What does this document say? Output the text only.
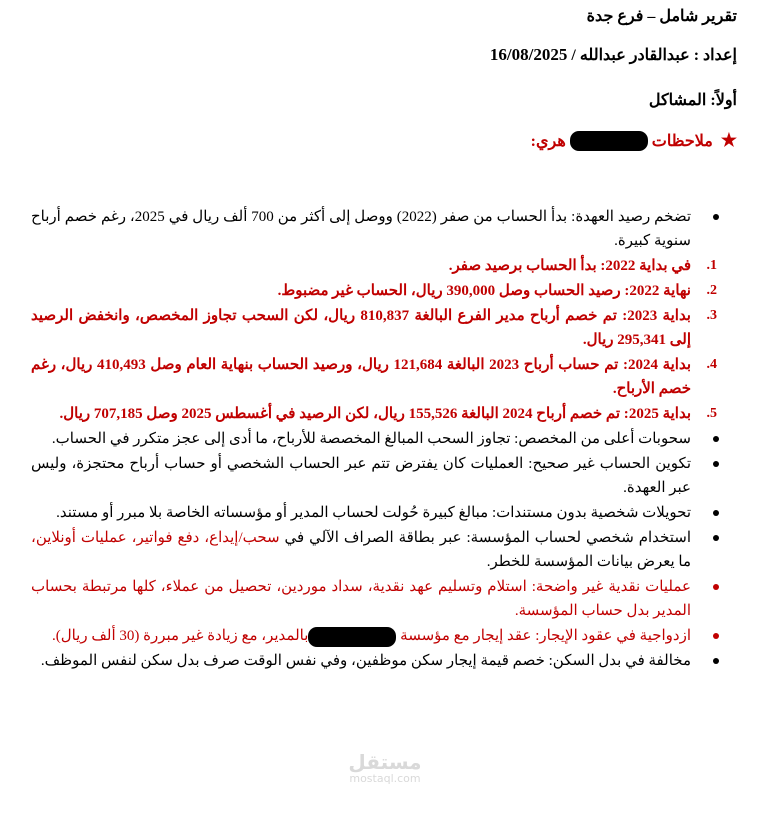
تقرير شامل – فرع جدة
إعداد : عبدالقادر عبدالله / 16/08/2025
أولاً: المشاكل
★
ملاحظات
هري:
تضخم رصيد العهدة: بدأ الحساب من صفر (2022) ووصل إلى أكثر من 700 ألف ريال في 2025، رغم خصم أرباح سنوية كبيرة.
1.
في بداية 2022: بدأ الحساب برصيد صفر.
2.
نهاية 2022: رصيد الحساب وصل 390,000 ريال، الحساب غير مضبوط.
3.
بداية 2023: تم خصم أرباح مدير الفرع البالغة 810,837 ريال، لكن السحب تجاوز المخصص، وانخفض الرصيد إلى 295,341 ريال.
4.
بداية 2024: تم حساب أرباح 2023 البالغة 121,684 ريال، ورصيد الحساب بنهاية العام وصل 410,493 ريال، رغم خصم الأرباح.
5.
بداية 2025: تم خصم أرباح 2024 البالغة 155,526 ريال، لكن الرصيد في أغسطس 2025 وصل 707,185 ريال.
سحوبات أعلى من المخصص: تجاوز السحب المبالغ المخصصة للأرباح، ما أدى إلى عجز متكرر في الحساب.
تكوين الحساب غير صحيح: العمليات كان يفترض تتم عبر الحساب الشخصي أو حساب أرباح محتجزة، وليس عبر العهدة.
تحويلات شخصية بدون مستندات: مبالغ كبيرة حُولت لحساب المدير أو مؤسساته الخاصة بلا مبرر أو مستند.
استخدام شخصي لحساب المؤسسة: عبر بطاقة الصراف الآلي في سحب/إيداع، دفع فواتير، عمليات أونلاين، ما يعرض بيانات المؤسسة للخطر.
عمليات نقدية غير واضحة: استلام وتسليم عهد نقدية، سداد موردين، تحصيل من عملاء، كلها مرتبطة بحساب المدير بدل حساب المؤسسة.
ازدواجية في عقود الإيجار: عقد إيجار مع مؤسسة بالمدير، مع زيادة غير مبررة (30 ألف ريال).
مخالفة في بدل السكن: خصم قيمة إيجار سكن موظفين، وفي نفس الوقت صرف بدل سكن لنفس الموظف.
مستقل
mostaql.com
